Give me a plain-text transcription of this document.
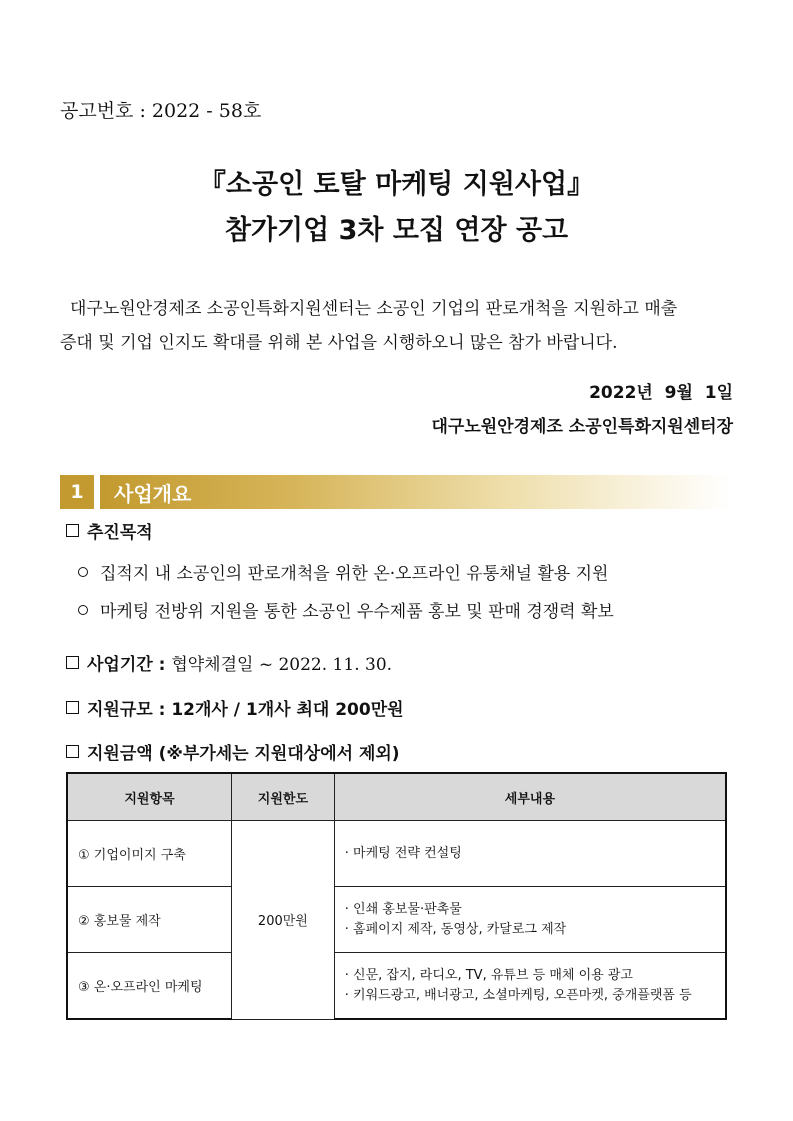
공고번호 : 2022 - 58호
『소공인 토탈 마케팅 지원사업』
참가기업 3차 모집 연장 공고
대구노원안경제조 소공인특화지원센터는 소공인 기업의 판로개척을 지원하고 매출
증대 및 기업 인지도 확대를 위해 본 사업을 시행하오니 많은 참가 바랍니다.
2022년  9월  1일
대구노원안경제조 소공인특화지원센터장
1	사업개요
추진목적
집적지 내 소공인의 판로개척을 위한 온·오프라인 유통채널 활용 지원
마케팅 전방위 지원을 통한 소공인 우수제품 홍보 및 판매 경쟁력 확보
사업기간 : 협약체결일 ~ 2022. 11. 30.
지원규모 : 12개사 / 1개사 최대 200만원
지원금액 (※부가세는 지원대상에서 제외)
지원항목	지원한도	세부내용
① 기업이미지 구축	200만원	· 마케팅 전략 컨설팅

② 홍보물 제작		· 인쇄 홍보물·판촉물
· 홈페이지 제작, 동영상, 카달로그 제작

③ 온·오프라인 마케팅		· 신문, 잡지, 라디오, TV, 유튜브 등 매체 이용 광고
· 키워드광고, 배너광고, 소셜마케팅, 오픈마켓, 중개플랫폼 등
